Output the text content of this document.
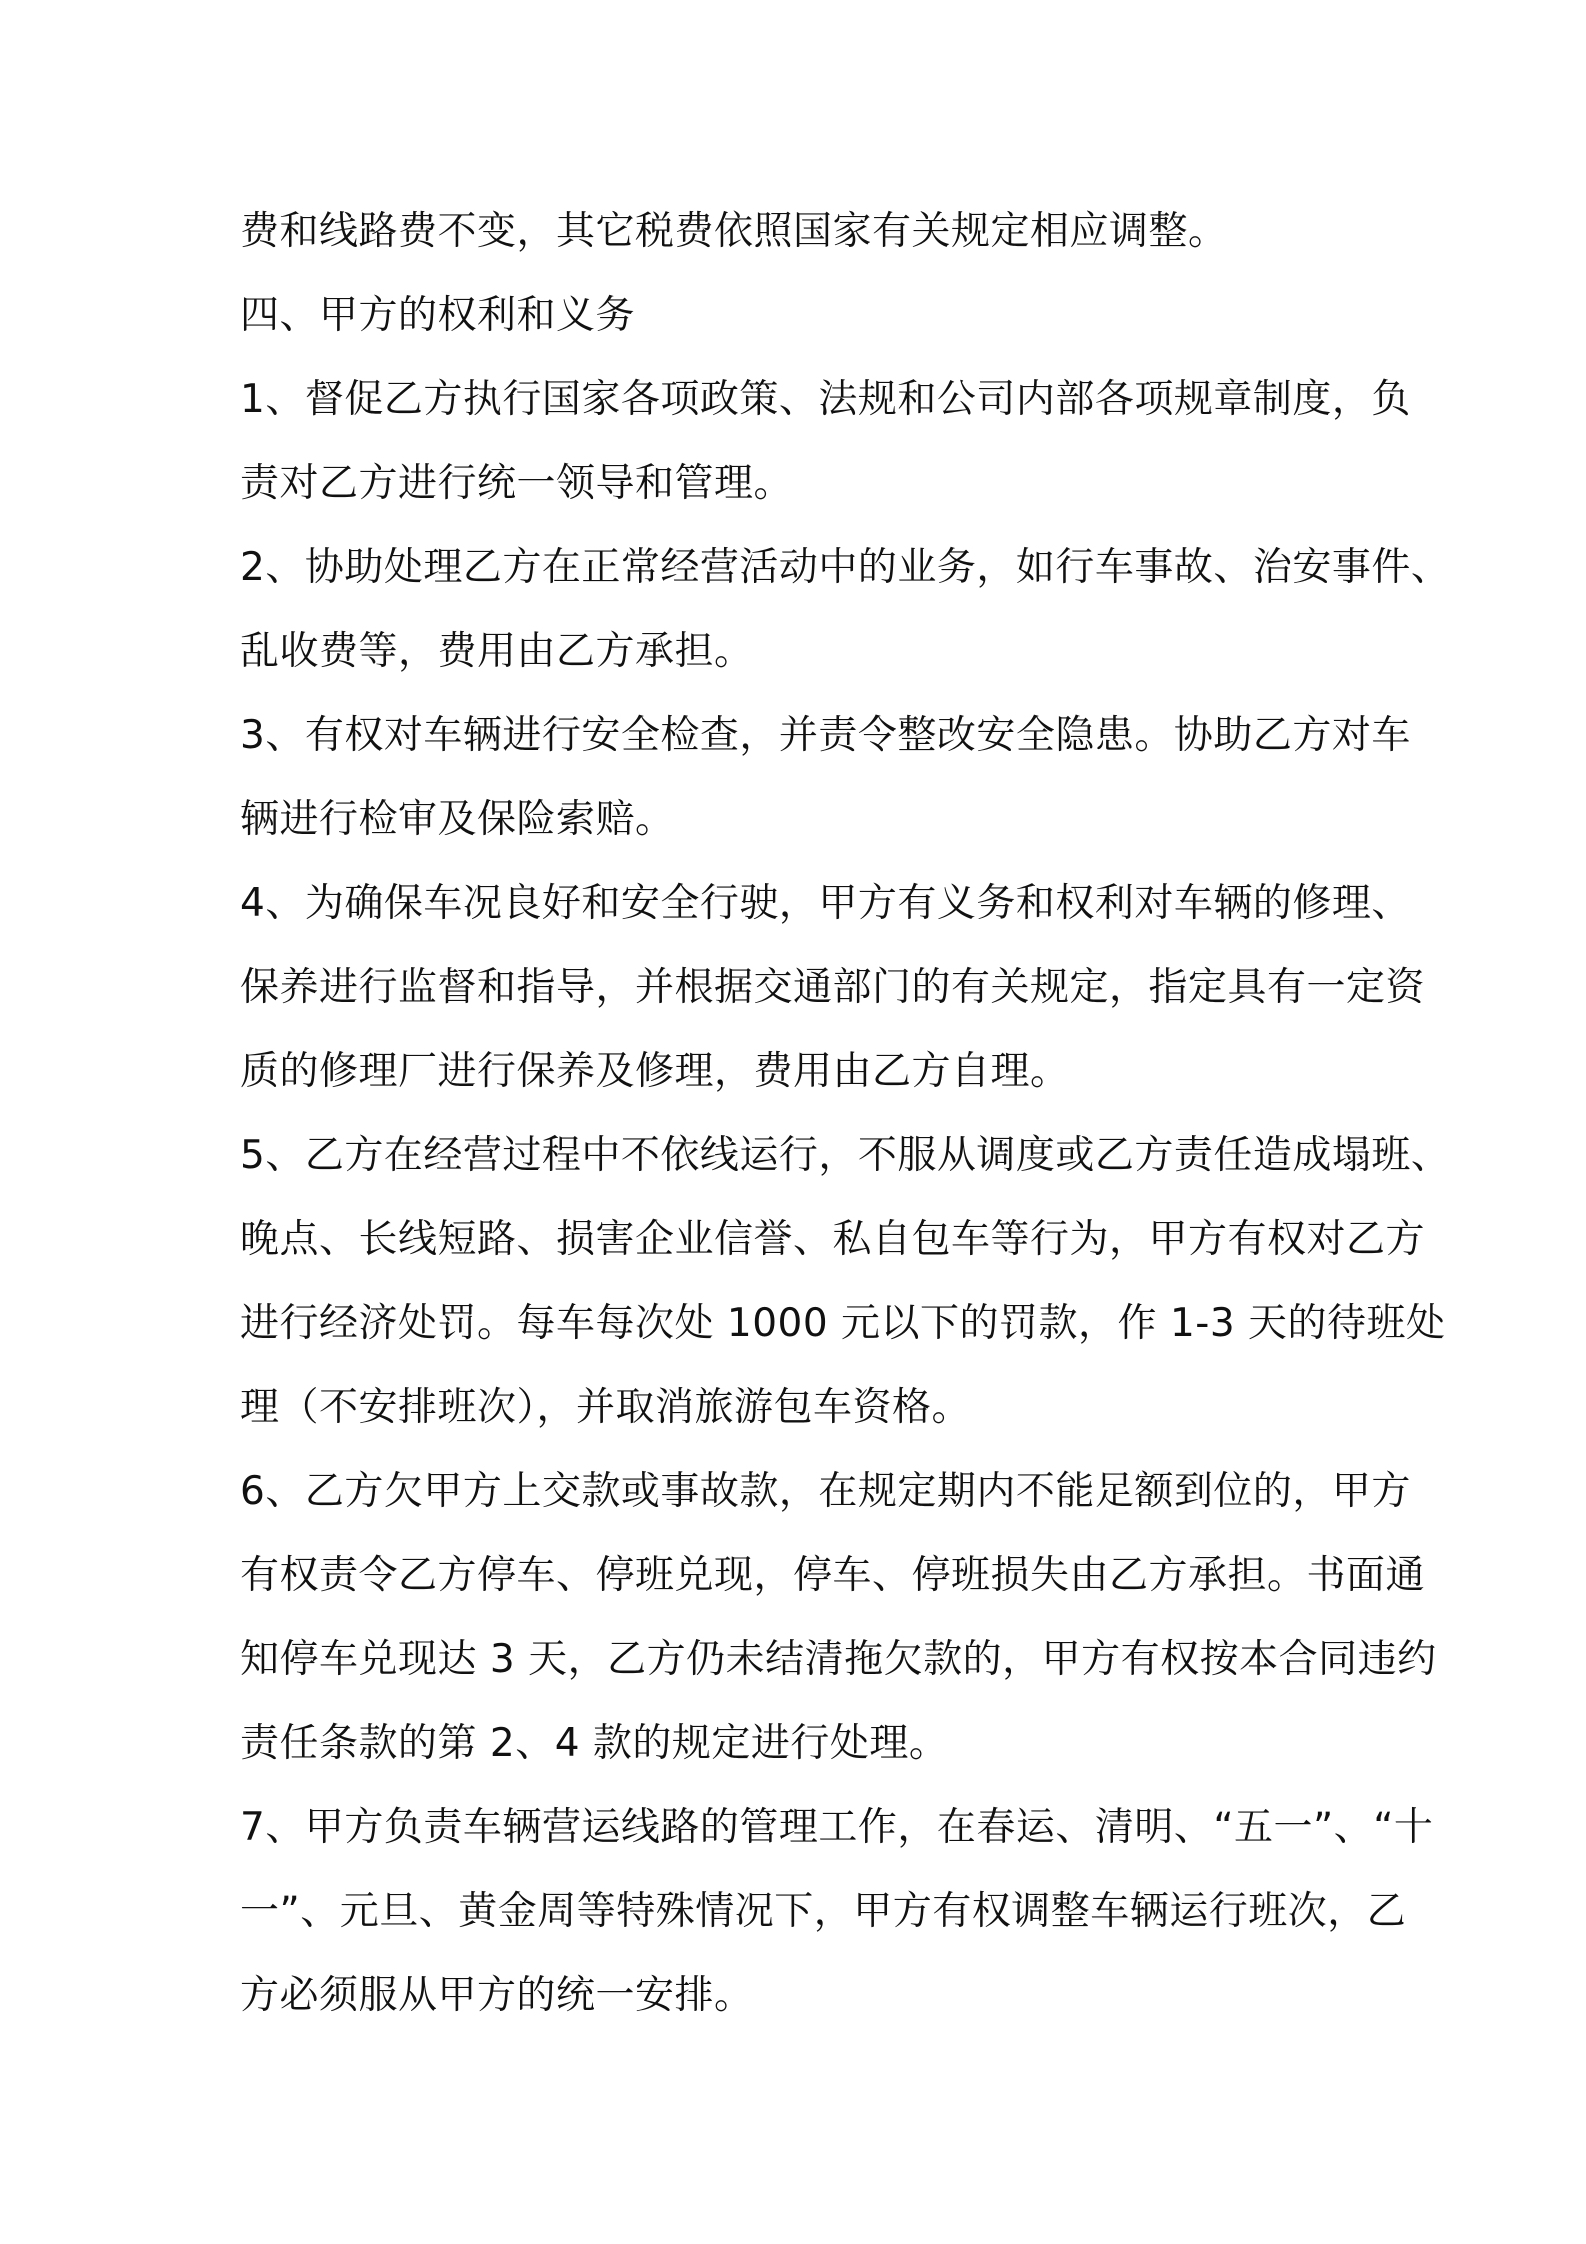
费和线路费不变，其它税费依照国家有关规定相应调整。
四、甲方的权利和义务
1、督促乙方执行国家各项政策、法规和公司内部各项规章制度，负
责对乙方进行统一领导和管理。
2、协助处理乙方在正常经营活动中的业务，如行车事故、治安事件、
乱收费等，费用由乙方承担。
3、有权对车辆进行安全检查，并责令整改安全隐患。协助乙方对车
辆进行检审及保险索赔。
4、为确保车况良好和安全行驶，甲方有义务和权利对车辆的修理、
保养进行监督和指导，并根据交通部门的有关规定，指定具有一定资
质的修理厂进行保养及修理，费用由乙方自理。
5、乙方在经营过程中不依线运行，不服从调度或乙方责任造成塌班、
晚点、长线短路、损害企业信誉、私自包车等行为，甲方有权对乙方
进行经济处罚。每车每次处 1000 元以下的罚款，作 1-3 天的待班处
理（不安排班次），并取消旅游包车资格。
6、乙方欠甲方上交款或事故款，在规定期内不能足额到位的，甲方
有权责令乙方停车、停班兑现，停车、停班损失由乙方承担。书面通
知停车兑现达 3 天，乙方仍未结清拖欠款的，甲方有权按本合同违约
责任条款的第 2、4 款的规定进行处理。
7、甲方负责车辆营运线路的管理工作，在春运、清明、“五一”、“十
一”、元旦、黄金周等特殊情况下，甲方有权调整车辆运行班次，乙
方必须服从甲方的统一安排。
